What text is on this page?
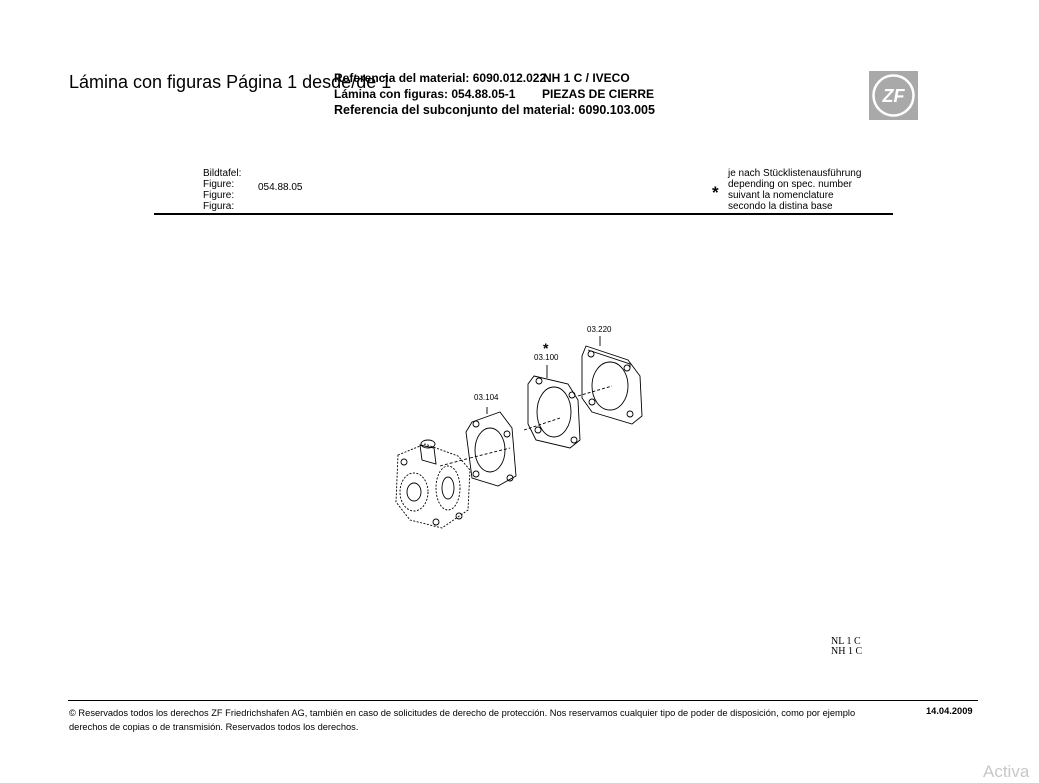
Lámina con figuras Página 1 desde/de 1
Referencia del material: 6090.012.022
NH 1 C / IVECO
Lámina con figuras: 054.88.05-1 PIEZAS DE CIERRE
Referencia del subconjunto del material: 6090.103.005
ZF
Bildtafel:
Figure:
Figure:
Figura:
054.88.05	*
je nach Stücklistenausführung
depending on spec. number
suivant la nomenclature
secondo la distina base
03.104
03.100
*
03.220
NL 1 C
NH 1 C
© Reservados todos los derechos ZF Friedrichshafen AG, también en caso de solicitudes de derecho de protección. Nos reservamos cualquier tipo de poder de disposición, como por ejemplo
derechos de copias o de transmisión. Reservados todos los derechos.
14.04.2009
Activa
